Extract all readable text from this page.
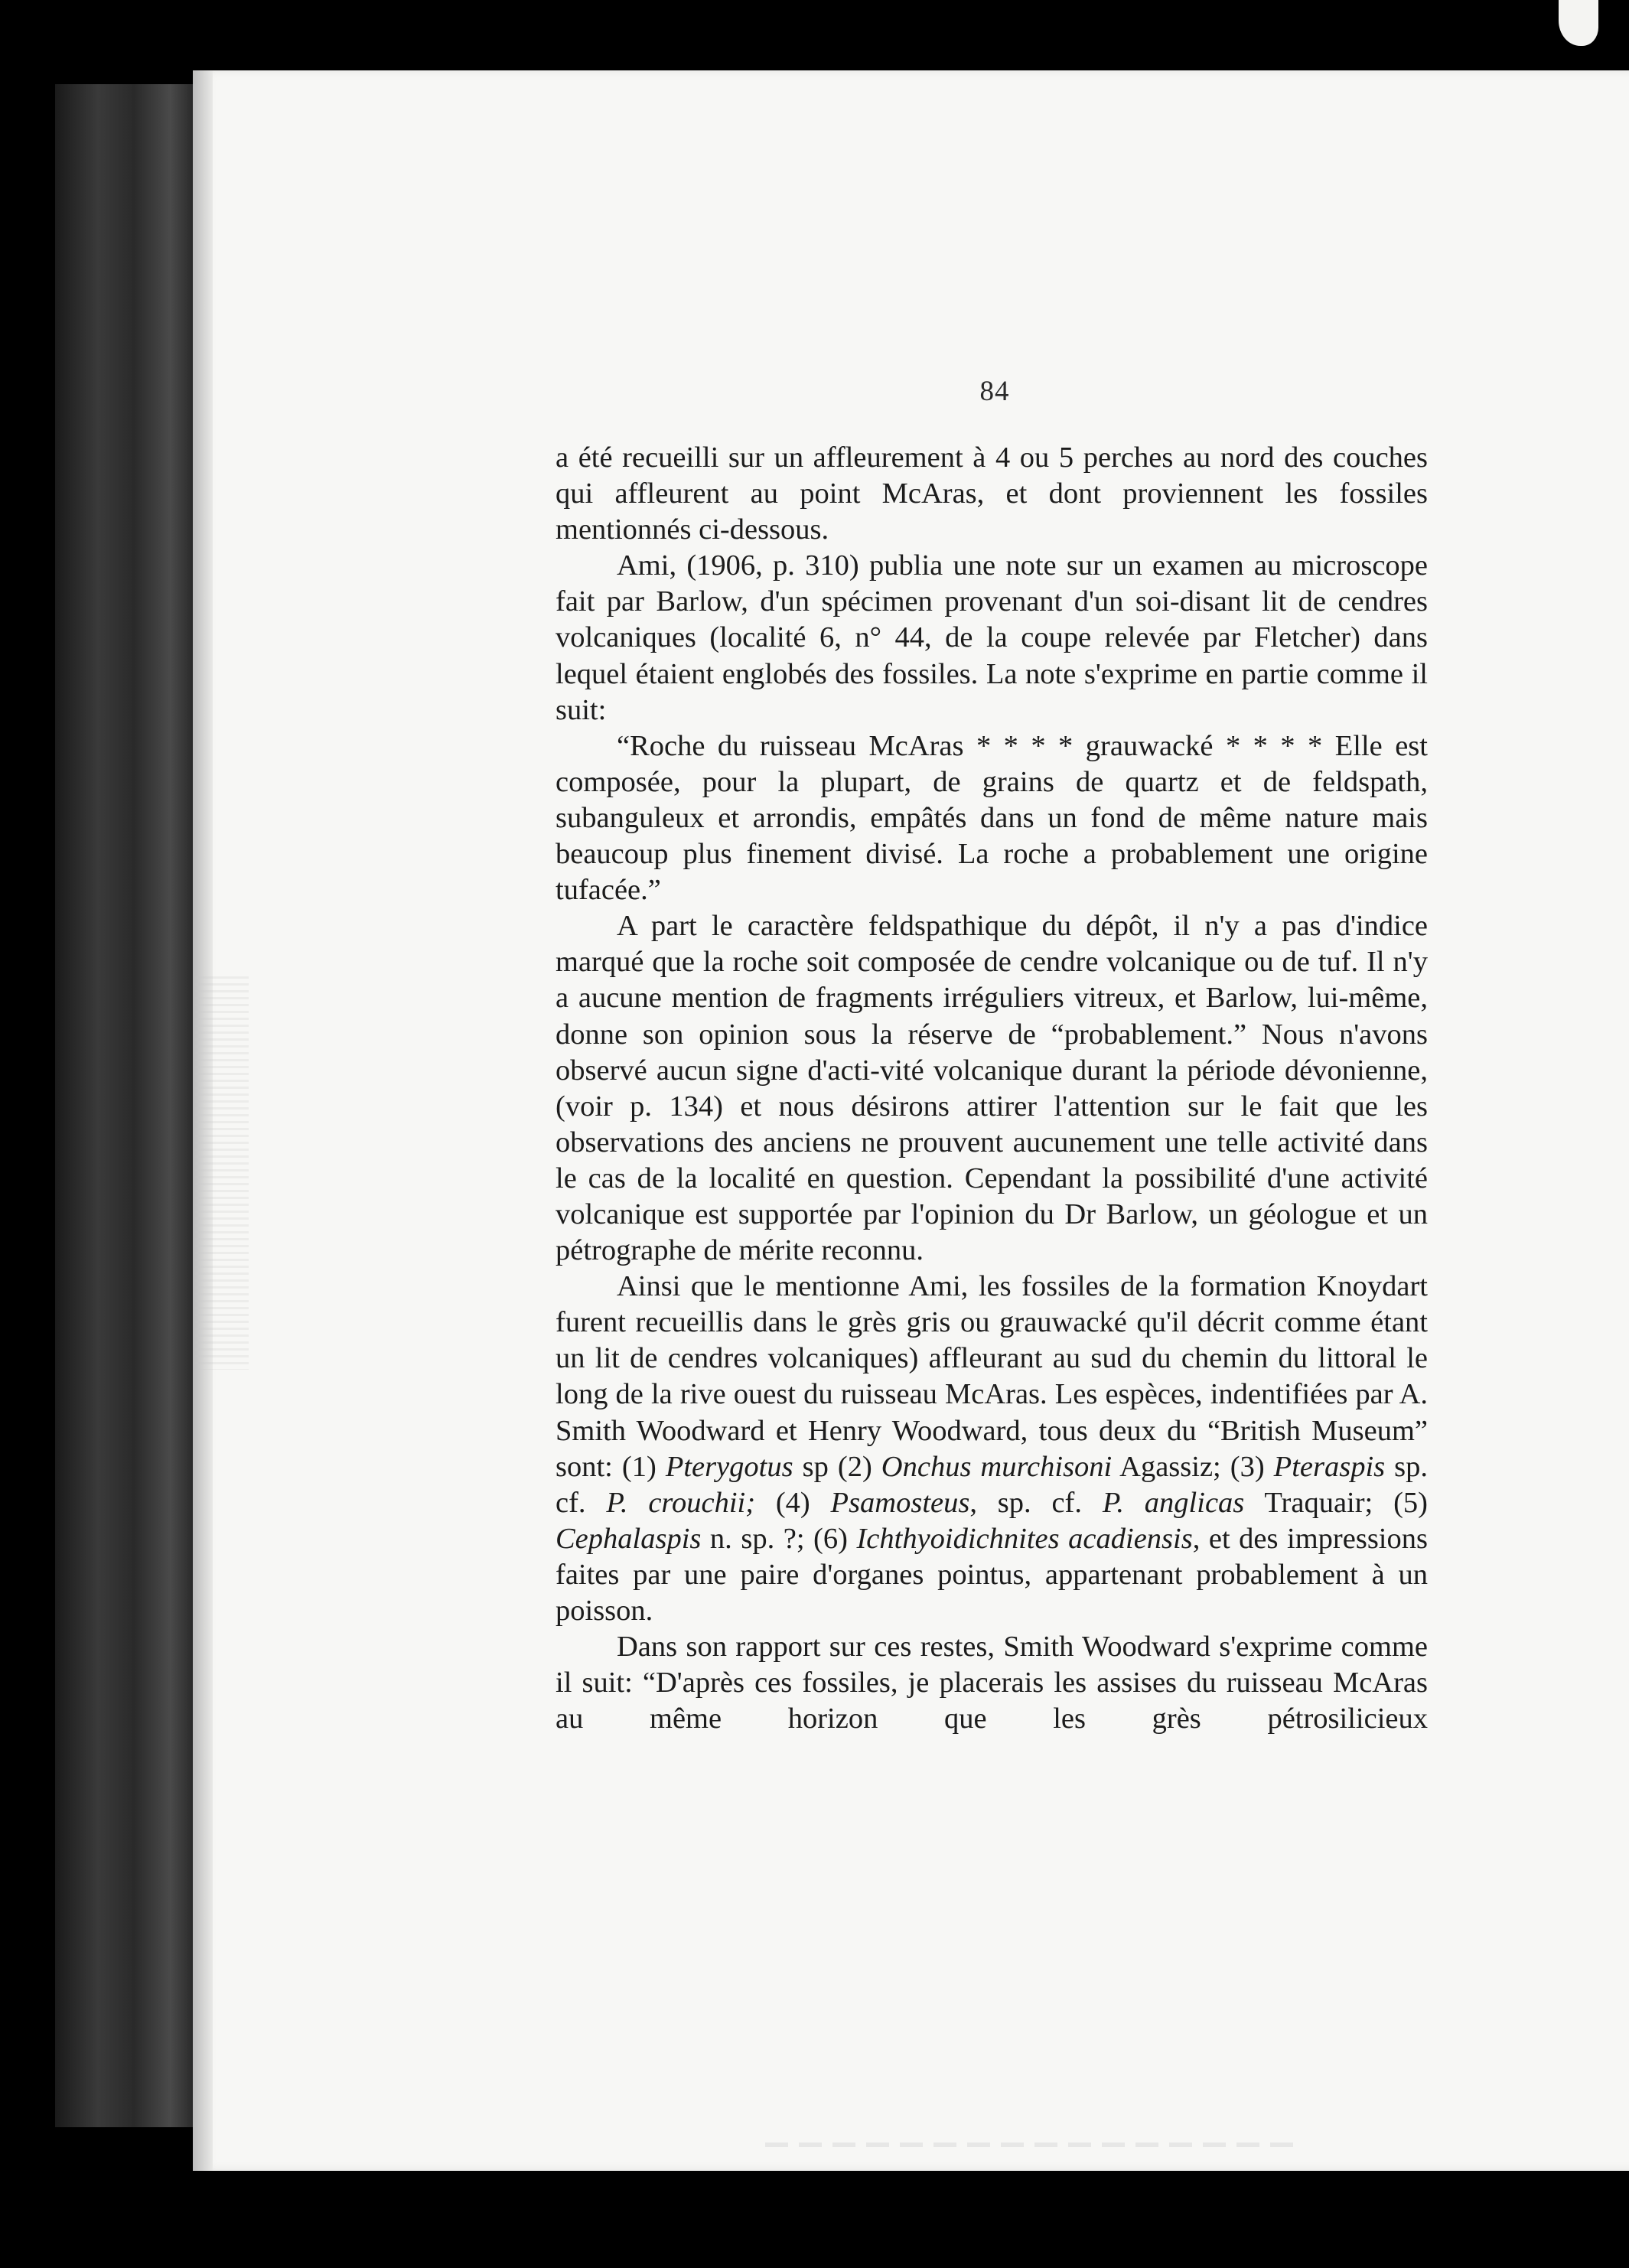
84

a été recueilli sur un affleurement à 4 ou 5 perches au nord des couches qui affleurent au point McAras, et dont proviennent les fossiles mentionnés ci-dessous.

Ami, (1906, p. 310) publia une note sur un examen au microscope fait par Barlow, d'un spécimen provenant d'un soi-disant lit de cendres volcaniques (localité 6, n° 44, de la coupe relevée par Fletcher) dans lequel étaient englobés des fossiles. La note s'exprime en partie comme il suit:

“Roche du ruisseau McAras * * * * grauwacké * * * * Elle est composée, pour la plupart, de grains de quartz et de feldspath, subanguleux et arrondis, empâtés dans un fond de même nature mais beaucoup plus finement divisé. La roche a probablement une origine tufacée.”

A part le caractère feldspathique du dépôt, il n'y a pas d'indice marqué que la roche soit composée de cendre volcanique ou de tuf. Il n'y a aucune mention de fragments irréguliers vitreux, et Barlow, lui-même, donne son opinion sous la réserve de “probablement.” Nous n'avons observé aucun signe d'acti-vité volcanique durant la période dévonienne, (voir p. 134) et nous désirons attirer l'attention sur le fait que les observations des anciens ne prouvent aucunement une telle activité dans le cas de la localité en question. Cependant la possibilité d'une activité volcanique est supportée par l'opinion du Dr Barlow, un géologue et un pétrographe de mérite reconnu.

Ainsi que le mentionne Ami, les fossiles de la formation Knoydart furent recueillis dans le grès gris ou grauwacké qu'il décrit comme étant un lit de cendres volcaniques) affleurant au sud du chemin du littoral le long de la rive ouest du ruisseau McAras. Les espèces, indentifiées par A. Smith Woodward et Henry Woodward, tous deux du “British Museum” sont: (1) Pterygotus sp (2) Onchus murchisoni Agassiz; (3) Pteraspis sp. cf. P. crouchii; (4) Psamosteus, sp. cf. P. anglicas Traquair; (5) Cephalaspis n. sp. ?; (6) Ichthyoidichnites acadiensis, et des impressions faites par une paire d'organes pointus, appartenant probablement à un poisson.

Dans son rapport sur ces restes, Smith Woodward s'exprime comme il suit: “D'après ces fossiles, je placerais les assises du ruisseau McAras au même horizon que les grès pétrosilicieux
